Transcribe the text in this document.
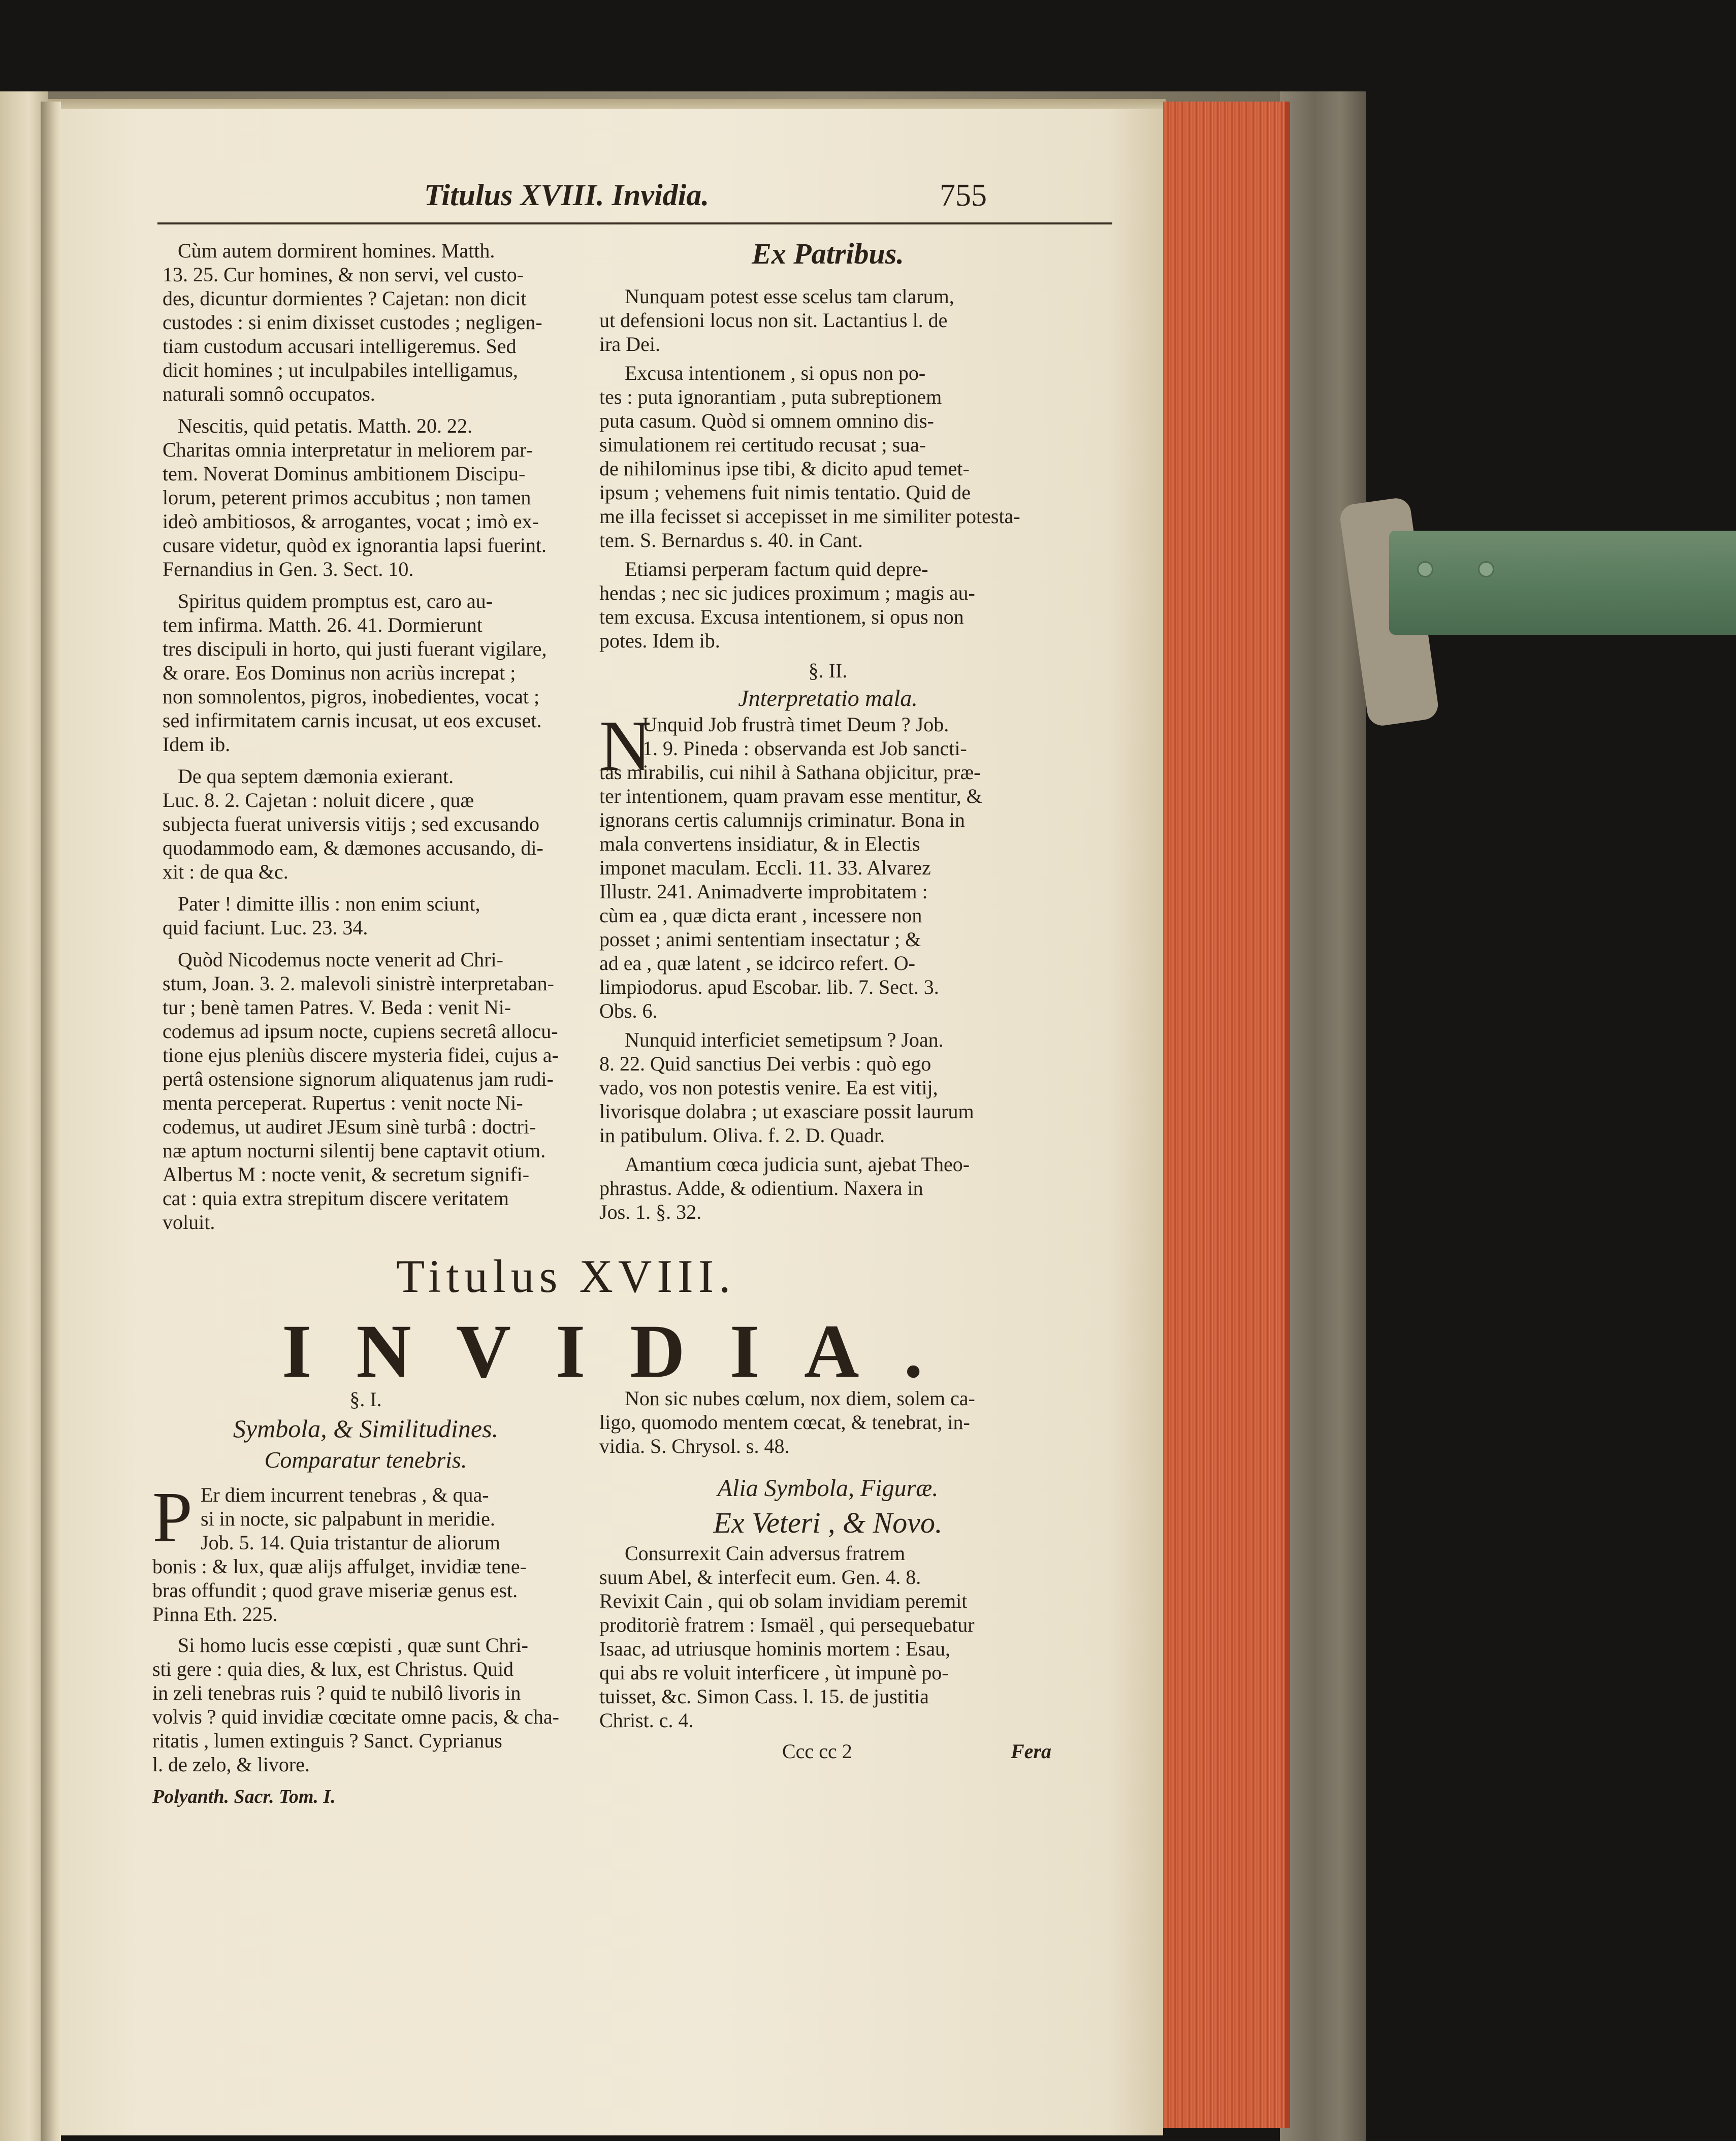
Titulus XVIII. Invidia.	755
Cùm autem dormirent homines. Matth.
13. 25. Cur homines, & non servi, vel custo-
des, dicuntur dormientes ? Cajetan: non dicit
custodes : si enim dixisset custodes ; negligen-
tiam custodum accusari intelligeremus. Sed
dicit homines ; ut inculpabiles intelligamus,
naturali somnô occupatos.
Nescitis, quid petatis. Matth. 20. 22.
Charitas omnia interpretatur in meliorem par-
tem. Noverat Dominus ambitionem Discipu-
lorum, peterent primos accubitus ; non tamen
ideò ambitiosos, & arrogantes, vocat ; imò ex-
cusare videtur, quòd ex ignorantia lapsi fuerint.
Fernandius in Gen. 3. Sect. 10.
Spiritus quidem promptus est, caro au-
tem infirma. Matth. 26. 41. Dormierunt
tres discipuli in horto, qui justi fuerant vigilare,
& orare. Eos Dominus non acriùs increpat ;
non somnolentos, pigros, inobedientes, vocat ;
sed infirmitatem carnis incusat, ut eos excuset.
Idem ib.
De qua septem dæmonia exierant.
Luc. 8. 2. Cajetan : noluit dicere , quæ
subjecta fuerat universis vitijs ; sed excusando
quodammodo eam, & dæmones accusando, di-
xit : de qua &c.
Pater ! dimitte illis : non enim sciunt,
quid faciunt. Luc. 23. 34.
Quòd Nicodemus nocte venerit ad Chri-
stum, Joan. 3. 2. malevoli sinistrè interpretaban-
tur ; benè tamen Patres. V. Beda : venit Ni-
codemus ad ipsum nocte, cupiens secretâ allocu-
tione ejus pleniùs discere mysteria fidei, cujus a-
pertâ ostensione signorum aliquatenus jam rudi-
menta perceperat. Rupertus : venit nocte Ni-
codemus, ut audiret JEsum sinè turbâ : doctri-
næ aptum nocturni silentij bene captavit otium.
Albertus M : nocte venit, & secretum signifi-
cat : quia extra strepitum discere veritatem
voluit.
Ex Patribus.
Nunquam potest esse scelus tam clarum,
ut defensioni locus non sit. Lactantius l. de
ira Dei.
Excusa intentionem , si opus non po-
tes : puta ignorantiam , puta subreptionem
puta casum. Quòd si omnem omnino dis-
simulationem rei certitudo recusat ; sua-
de nihilominus ipse tibi, & dicito apud temet-
ipsum ; vehemens fuit nimis tentatio. Quid de
me illa fecisset si accepisset in me similiter potesta-
tem. S. Bernardus s. 40. in Cant.
Etiamsi perperam factum quid depre-
hendas ; nec sic judices proximum ; magis au-
tem excusa. Excusa intentionem, si opus non
potes. Idem ib.
§. II.
Jnterpretatio mala.
N
Unquid Job frustrà timet Deum ? Job.
1. 9. Pineda : observanda est Job sancti-
tas mirabilis, cui nihil à Sathana objicitur, præ-
ter intentionem, quam pravam esse mentitur, &
ignorans certis calumnijs criminatur. Bona in
mala convertens insidiatur, & in Electis
imponet maculam. Eccli. 11. 33. Alvarez
Illustr. 241. Animadverte improbitatem :
cùm ea , quæ dicta erant , incessere non
posset ; animi sententiam insectatur ; &
ad ea , quæ latent , se idcirco refert. O-
limpiodorus. apud Escobar. lib. 7. Sect. 3.
Obs. 6.
Nunquid interficiet semetipsum ? Joan.
8. 22. Quid sanctius Dei verbis : quò ego
vado, vos non potestis venire. Ea est vitij,
livorisque dolabra ; ut exasciare possit laurum
in patibulum. Oliva. f. 2. D. Quadr.
Amantium cœca judicia sunt, ajebat Theo-
phrastus. Adde, & odientium. Naxera in
Jos. 1. §. 32.
Titulus XVIII.
INVIDIA.
§. I.
Symbola, & Similitudines.
Comparatur tenebris.
P Er diem incurrent tenebras , & qua-
si in nocte, sic palpabunt in meridie.
Job. 5. 14. Quia tristantur de aliorum
bonis : & lux, quæ alijs affulget, invidiæ tene-
bras offundit ; quod grave miseriæ genus est.
Pinna Eth. 225.
Si homo lucis esse cœpisti , quæ sunt Chri-
sti gere : quia dies, & lux, est Christus. Quid
in zeli tenebras ruis ? quid te nubilô livoris in
volvis ? quid invidiæ cœcitate omne pacis, & cha-
ritatis , lumen extinguis ? Sanct. Cyprianus
l. de zelo, & livore.
Polyanth. Sacr. Tom. I.
Non sic nubes cœlum, nox diem, solem ca-
ligo, quomodo mentem cœcat, & tenebrat, in-
vidia. S. Chrysol. s. 48.
Alia Symbola, Figuræ.
Ex Veteri , & Novo.
Consurrexit Cain adversus fratrem
suum Abel, & interfecit eum. Gen. 4. 8.
Revixit Cain , qui ob solam invidiam peremit
proditoriè fratrem : Ismaël , qui persequebatur
Isaac, ad utriusque hominis mortem : Esau,
qui abs re voluit interficere , ùt impunè po-
tuisset, &c. Simon Cass. l. 15. de justitia
Christ. c. 4.
Ccc cc 2	Fera
